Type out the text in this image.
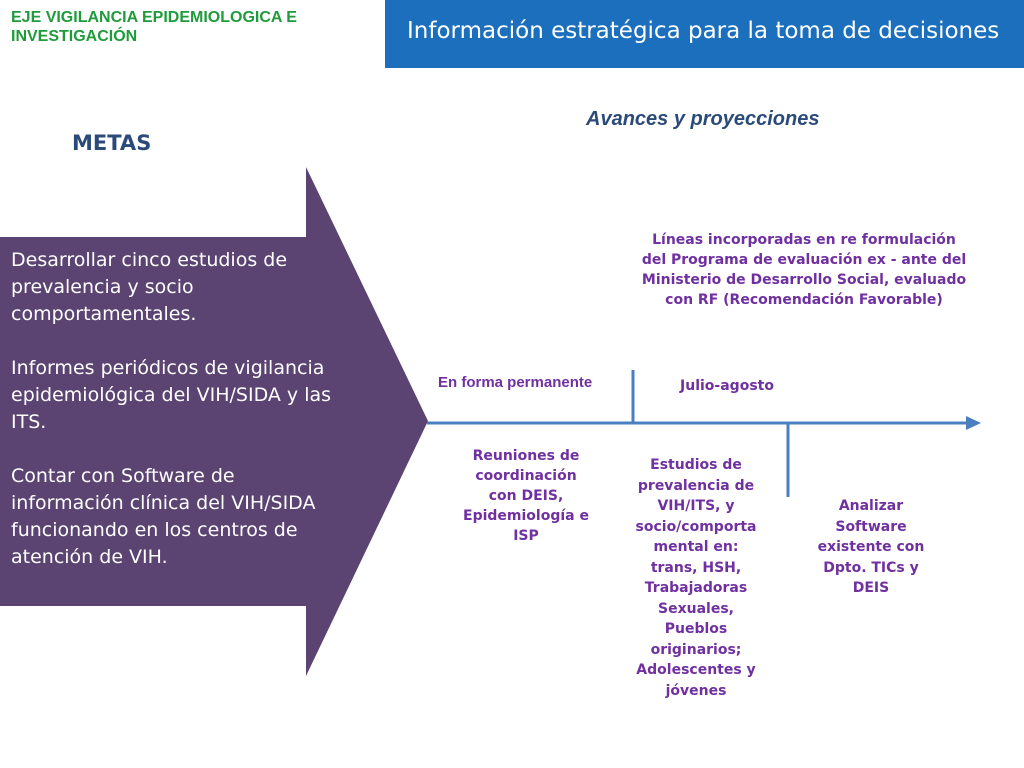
EJE VIGILANCIA EPIDEMIOLOGICA E
INVESTIGACIÓN	Información estratégica para la toma de decisiones
METAS
Avances y proyecciones

Desarrollar cinco estudios de prevalencia y socio comportamentales.

Informes periódicos de vigilancia epidemiológica del VIH/SIDA y las ITS.

Contar con Software de información clínica del VIH/SIDA funcionando en los centros de atención de VIH.

Líneas incorporadas en re formulación del Programa de evaluación ex - ante del Ministerio de Desarrollo Social, evaluado con RF (Recomendación Favorable)
En forma permanente	Julio-agosto
Reuniones de coordinación con DEIS, Epidemiología e ISP
Estudios de prevalencia de VIH/ITS, y socio/comporta mental en: trans, HSH, Trabajadoras Sexuales, Pueblos originarios; Adolescentes y jóvenes
Analizar Software existente con Dpto. TICs y DEIS
